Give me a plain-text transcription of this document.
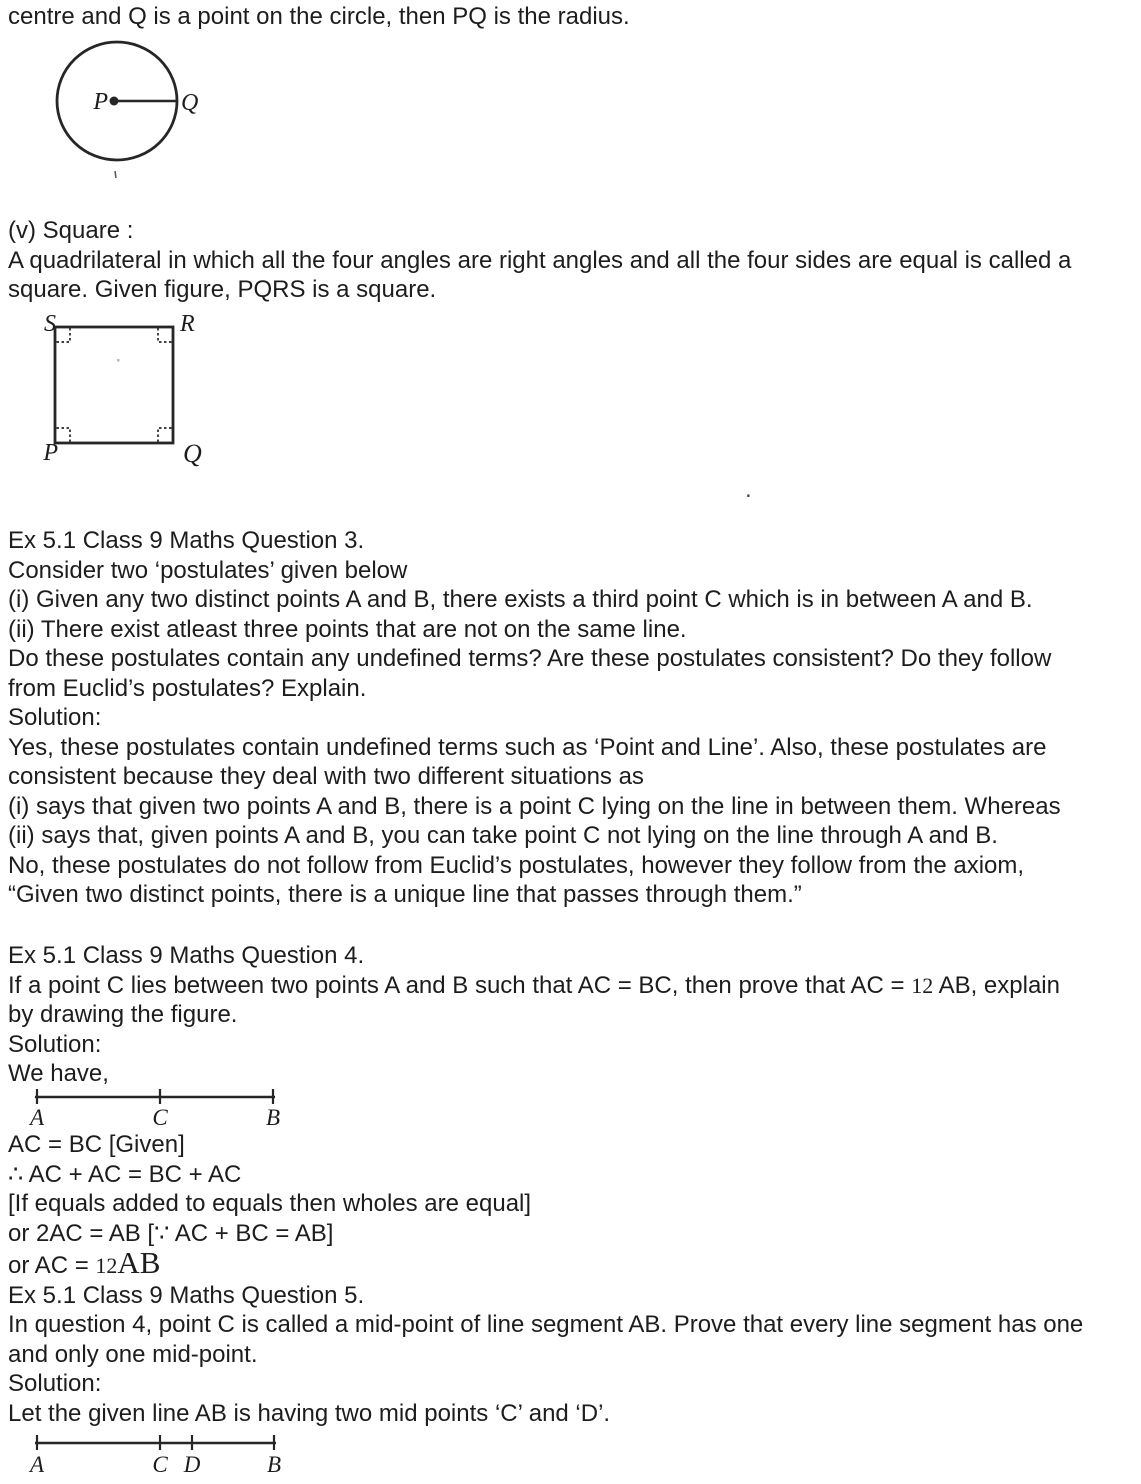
centre and Q is a point on the circle, then PQ is the radius.
P	Q
(v) Square :
A quadrilateral in which all the four angles are right angles and all the four sides are equal is called a
square. Given figure, PQRS is a square.
S	R
P	Q
.
Ex 5.1 Class 9 Maths Question 3.
Consider two ‘postulates’ given below
(i) Given any two distinct points A and B, there exists a third point C which is in between A and B.
(ii) There exist atleast three points that are not on the same line.
Do these postulates contain any undefined terms? Are these postulates consistent? Do they follow
from Euclid’s postulates? Explain.
Solution:
Yes, these postulates contain undefined terms such as ‘Point and Line’. Also, these postulates are
consistent because they deal with two different situations as
(i) says that given two points A and B, there is a point C lying on the line in between them. Whereas
(ii) says that, given points A and B, you can take point C not lying on the line through A and B.
No, these postulates do not follow from Euclid’s postulates, however they follow from the axiom,
“Given two distinct points, there is a unique line that passes through them.”
Ex 5.1 Class 9 Maths Question 4.
If a point C lies between two points A and B such that AC = BC, then prove that AC = 12 AB, explain
by drawing the figure.
Solution:
We have,
A	C	B
AC = BC [Given]
∴ AC + AC = BC + AC
[If equals added to equals then wholes are equal]
or 2AC = AB [∵ AC + BC = AB]
or AC = 12AB
Ex 5.1 Class 9 Maths Question 5.
In question 4, point C is called a mid-point of line segment AB. Prove that every line segment has one
and only one mid-point.
Solution:
Let the given line AB is having two mid points ‘C’ and ‘D’.
A	C D	B
